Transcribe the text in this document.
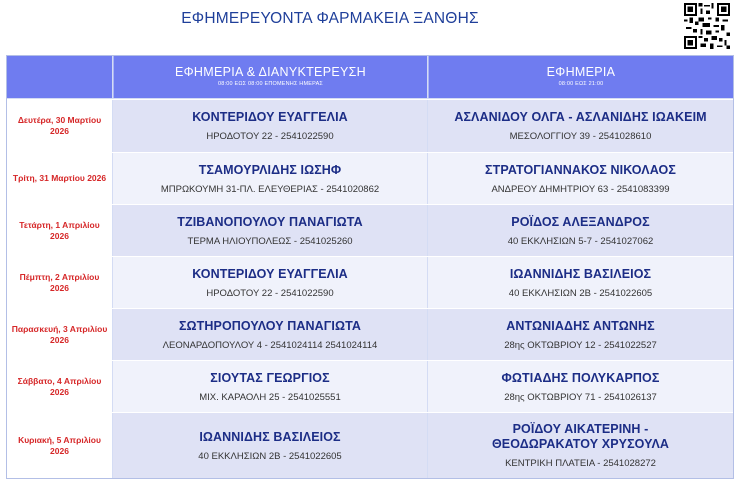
ΕΦΗΜΕΡΕΥΟΝΤΑ ΦΑΡΜΑΚΕΙΑ ΞΑΝΘΗΣ
ΕΦΗΜΕΡΙΑ & ΔΙΑΝΥΚΤΕΡΕΥΣΗ
08:00 ΕΩΣ 08:00 ΕΠΟΜΕΝΗΣ ΗΜΕΡΑΣ
ΕΦΗΜΕΡΙΑ
08:00 ΕΩΣ 21:00
Δευτέρα, 30 Μαρτίου 2026
ΚΟΝΤΕΡΙΔΟΥ ΕΥΑΓΓΕΛΙΑ
ΗΡΟΔΟΤΟΥ 22 - 2541022590
ΑΣΛΑΝΙΔΟΥ ΟΛΓΑ - ΑΣΛΑΝΙΔΗΣ ΙΩΑΚΕΙΜ
ΜΕΣΟΛΟΓΓΙΟΥ 39 - 2541028610
Τρίτη, 31 Μαρτίου 2026
ΤΣΑΜΟΥΡΛΙΔΗΣ ΙΩΣΗΦ
ΜΠΡΩΚΟΥΜΗ 31-ΠΛ. ΕΛΕΥΘΕΡΙΑΣ - 2541020862
ΣΤΡΑΤΟΓΙΑΝΝΑΚΟΣ ΝΙΚΟΛΑΟΣ
ΑΝΔΡΕΟΥ ΔΗΜΗΤΡΙΟΥ 63 - 2541083399
Τετάρτη, 1 Απριλίου 2026
ΤΖΙΒΑΝΟΠΟΥΛΟΥ ΠΑΝΑΓΙΩΤΑ
ΤΕΡΜΑ ΗΛΙΟΥΠΟΛΕΩΣ - 2541025260
ΡΟΪΔΟΣ ΑΛΕΞΑΝΔΡΟΣ
40 ΕΚΚΛΗΣΙΩΝ 5-7 - 2541027062
Πέμπτη, 2 Απριλίου 2026
ΚΟΝΤΕΡΙΔΟΥ ΕΥΑΓΓΕΛΙΑ
ΗΡΟΔΟΤΟΥ 22 - 2541022590
ΙΩΑΝΝΙΔΗΣ ΒΑΣΙΛΕΙΟΣ
40 ΕΚΚΛΗΣΙΩΝ 2Β - 2541022605
Παρασκευή, 3 Απριλίου 2026
ΣΩΤΗΡΟΠΟΥΛΟΥ ΠΑΝΑΓΙΩΤΑ
ΛΕΟΝΑΡΔΟΠΟΥΛΟΥ 4 - 2541024114 2541024114
ΑΝΤΩΝΙΑΔΗΣ ΑΝΤΩΝΗΣ
28ης ΟΚΤΩΒΡΙΟΥ 12 - 2541022527
Σάββατο, 4 Απριλίου 2026
ΣΙΟΥΤΑΣ ΓΕΩΡΓΙΟΣ
ΜΙΧ. ΚΑΡΑΟΛΗ 25 - 2541025551
ΦΩΤΙΑΔΗΣ ΠΟΛΥΚΑΡΠΟΣ
28ης ΟΚΤΩΒΡΙΟΥ 71 - 2541026137
Κυριακή, 5 Απριλίου 2026
ΙΩΑΝΝΙΔΗΣ ΒΑΣΙΛΕΙΟΣ
40 ΕΚΚΛΗΣΙΩΝ 2Β - 2541022605
ΡΟΪΔΟΥ ΑΙΚΑΤΕΡΙΝΗ - ΘΕΟΔΩΡΑΚΑΤΟΥ ΧΡΥΣΟΥΛΑ
ΚΕΝΤΡΙΚΗ ΠΛΑΤΕΙΑ - 2541028272
